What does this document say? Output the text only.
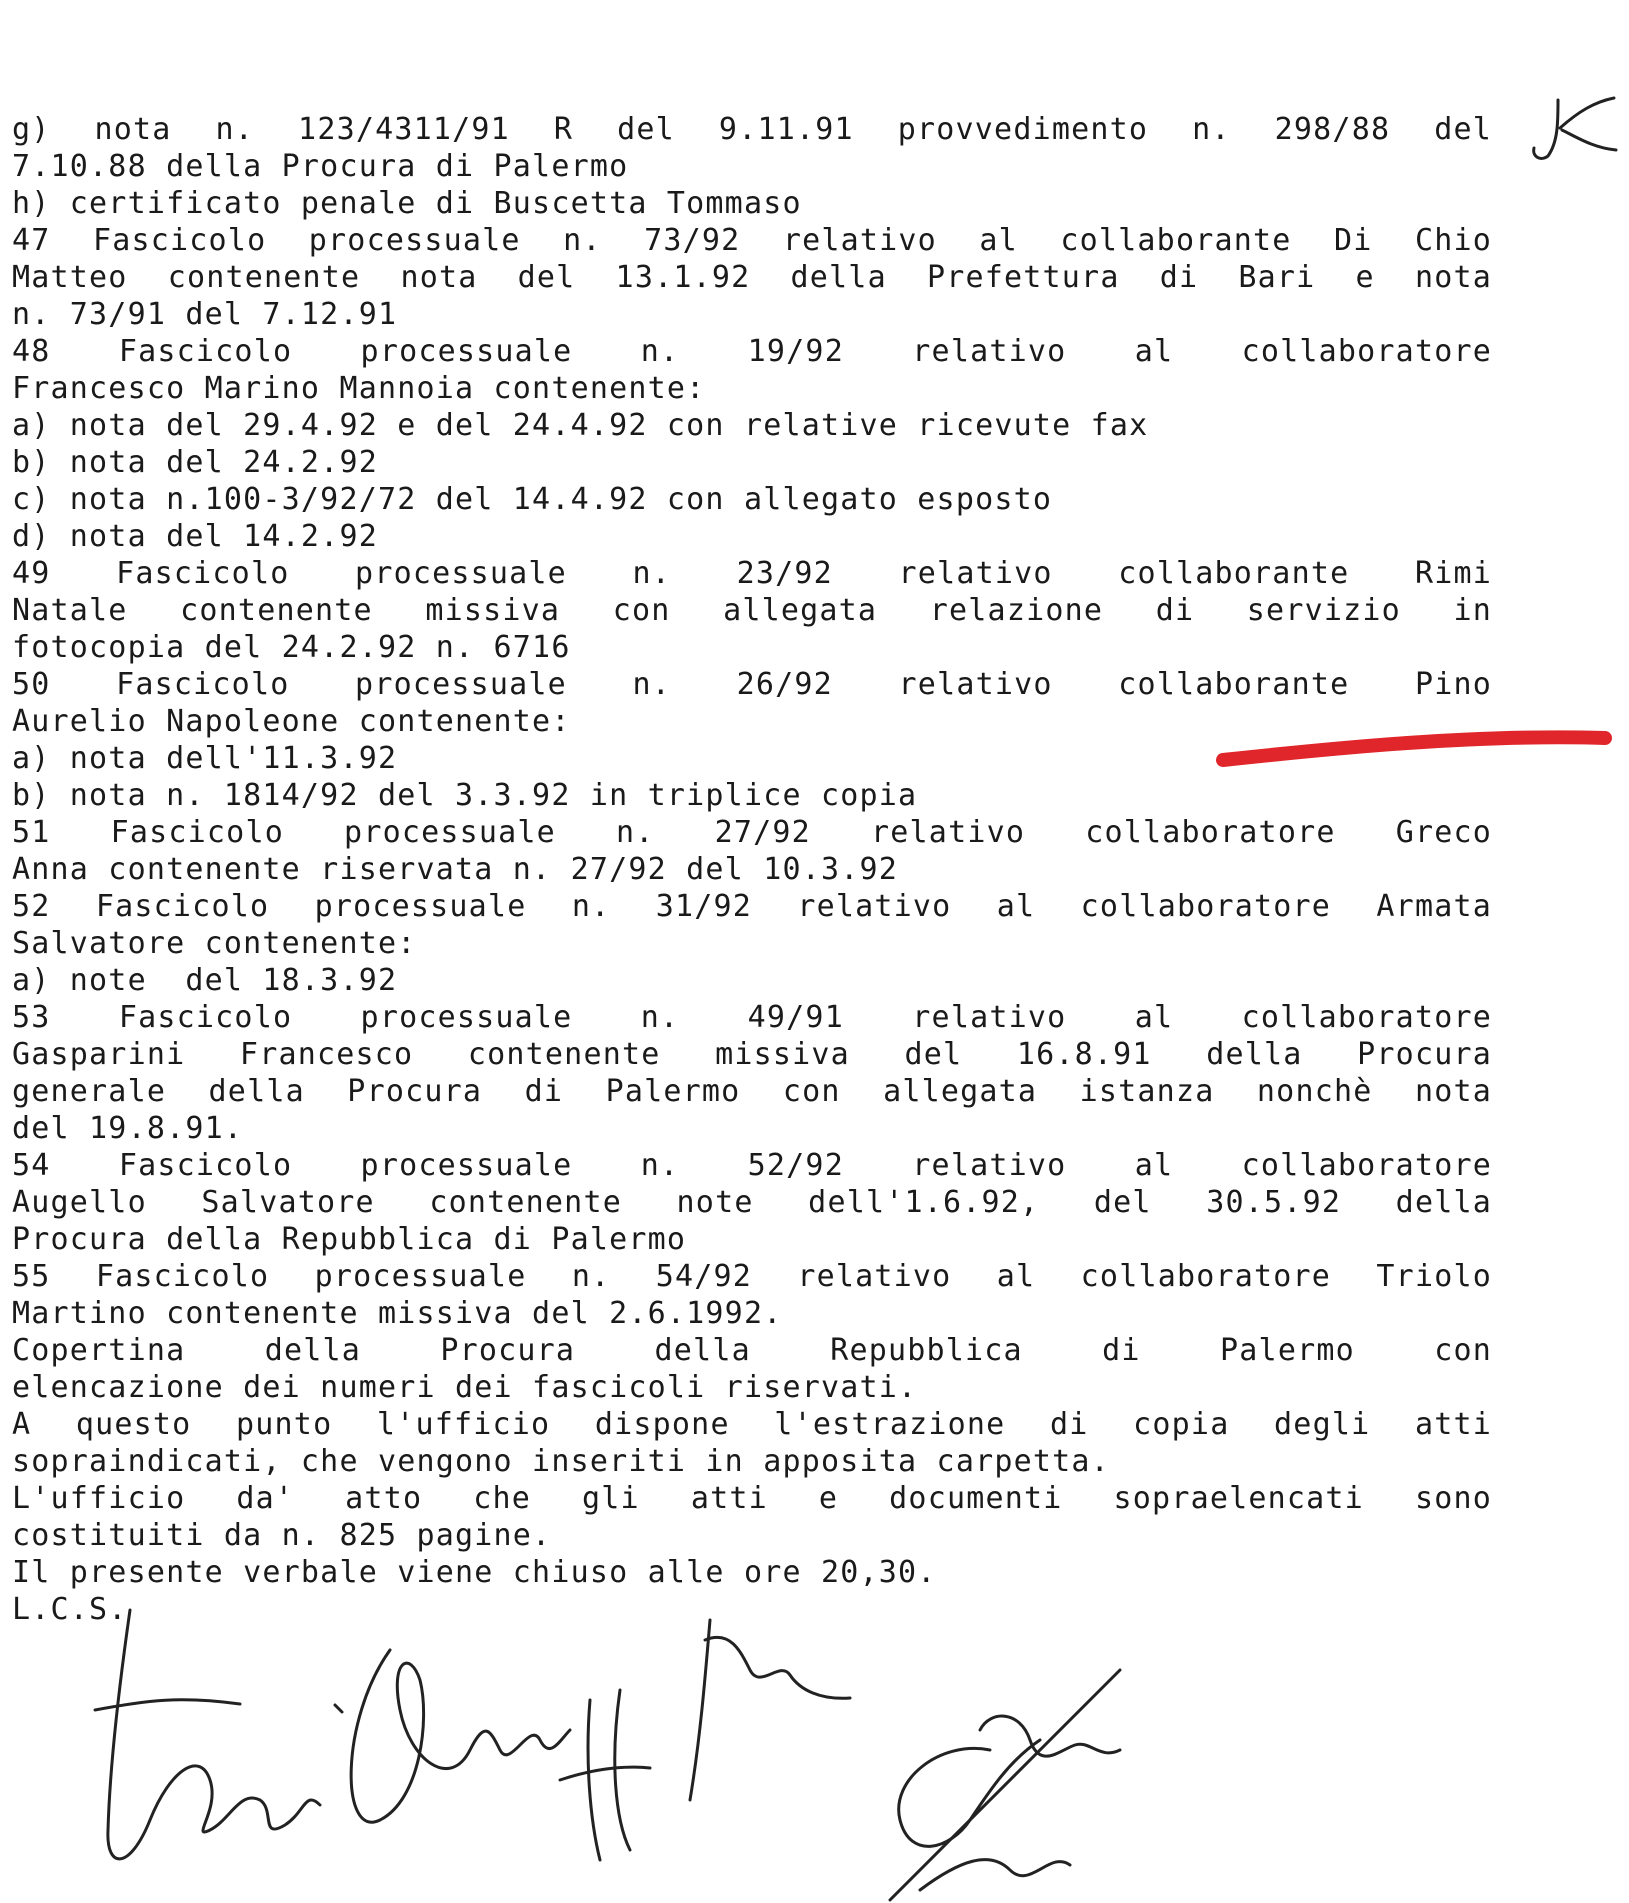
g) nota n. 123/4311/91 R del 9.11.91 provvedimento n. 298/88 del
7.10.88 della Procura di Palermo
h) certificato penale di Buscetta Tommaso
47 Fascicolo processuale n. 73/92 relativo al collaborante Di Chio
Matteo contenente nota del 13.1.92 della Prefettura di Bari e nota
n. 73/91 del 7.12.91
48 Fascicolo processuale n. 19/92 relativo al collaboratore
Francesco Marino Mannoia contenente:
a) nota del 29.4.92 e del 24.4.92 con relative ricevute fax
b) nota del 24.2.92
c) nota n.100-3/92/72 del 14.4.92 con allegato esposto
d) nota del 14.2.92
49 Fascicolo processuale n. 23/92 relativo collaborante Rimi
Natale contenente missiva con allegata relazione di servizio in
fotocopia del 24.2.92 n. 6716
50 Fascicolo processuale n. 26/92 relativo collaborante Pino
Aurelio Napoleone contenente:
a) nota dell'11.3.92
b) nota n. 1814/92 del 3.3.92 in triplice copia
51 Fascicolo processuale n. 27/92 relativo collaboratore Greco
Anna contenente riservata n. 27/92 del 10.3.92
52 Fascicolo processuale n. 31/92 relativo al collaboratore Armata
Salvatore contenente:
a) note  del 18.3.92
53 Fascicolo processuale n. 49/91 relativo al collaboratore
Gasparini Francesco contenente missiva del 16.8.91 della Procura
generale della Procura di Palermo con allegata istanza nonchè nota
del 19.8.91.
54 Fascicolo processuale n. 52/92 relativo al collaboratore
Augello Salvatore contenente note dell'1.6.92, del 30.5.92 della
Procura della Repubblica di Palermo
55 Fascicolo processuale n. 54/92 relativo al collaboratore Triolo
Martino contenente missiva del 2.6.1992.
Copertina della Procura della Repubblica di Palermo con
elencazione dei numeri dei fascicoli riservati.
A questo punto l'ufficio dispone l'estrazione di copia degli atti
sopraindicati, che vengono inseriti in apposita carpetta.
L'ufficio da' atto che gli atti e documenti sopraelencati sono
costituiti da n. 825 pagine.
Il presente verbale viene chiuso alle ore 20,30.
L.C.S.
